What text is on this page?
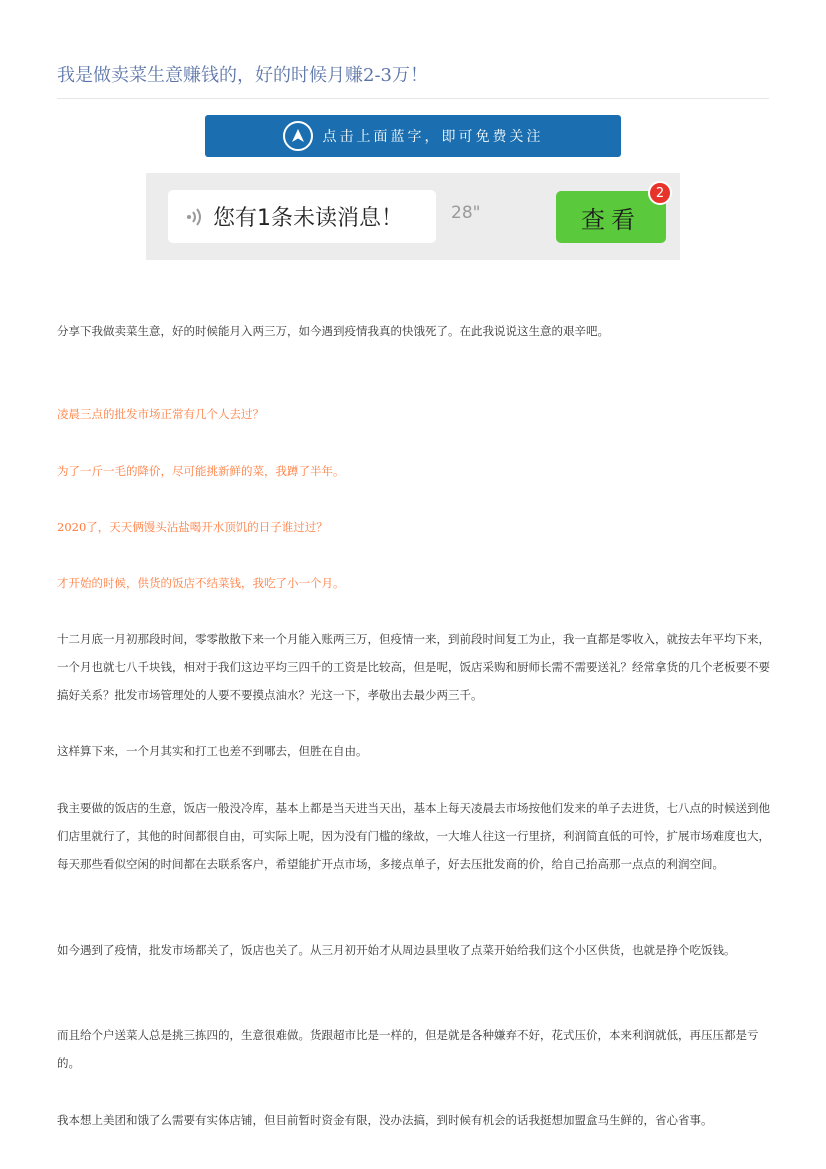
我是做卖菜生意赚钱的，好的时候月赚2-3万！
点击上面蓝字，即可免费关注
您有1条未读消息！	28"	查看
2

分享下我做卖菜生意，好的时候能月入两三万，如今遇到疫情我真的快饿死了。在此我说说这生意的艰辛吧。

凌晨三点的批发市场正常有几个人去过？

为了一斤一毛的降价，尽可能挑新鲜的菜，我蹲了半年。

2020了，天天俩馒头沾盐喝开水顶饥的日子谁过过？

才开始的时候，供货的饭店不结菜钱，我吃了小一个月。

十二月底一月初那段时间，零零散散下来一个月能入账两三万，但疫情一来，到前段时间复工为止，我一直都是零收入，就按去年平均下来，一个月也就七八千块钱，相对于我们这边平均三四千的工资是比较高，但是呢，饭店采购和厨师长需不需要送礼？经常拿货的几个老板要不要搞好关系？批发市场管理处的人要不要摸点油水？光这一下，孝敬出去最少两三千。

这样算下来，一个月其实和打工也差不到哪去，但胜在自由。

我主要做的饭店的生意，饭店一般没冷库，基本上都是当天进当天出，基本上每天凌晨去市场按他们发来的单子去进货，七八点的时候送到他们店里就行了，其他的时间都很自由，可实际上呢，因为没有门槛的缘故，一大堆人往这一行里挤，利润简直低的可怜，扩展市场难度也大，每天那些看似空闲的时间都在去联系客户，希望能扩开点市场，多接点单子，好去压批发商的价，给自己抬高那一点点的利润空间。

如今遇到了疫情，批发市场都关了，饭店也关了。从三月初开始才从周边县里收了点菜开始给我们这个小区供货，也就是挣个吃饭钱。

而且给个户送菜人总是挑三拣四的，生意很难做。货跟超市比是一样的，但是就是各种嫌弃不好，花式压价，本来利润就低，再压压都是亏的。

我本想上美团和饿了么需要有实体店铺，但目前暂时资金有限，没办法搞，到时候有机会的话我挺想加盟盒马生鲜的，省心省事。
